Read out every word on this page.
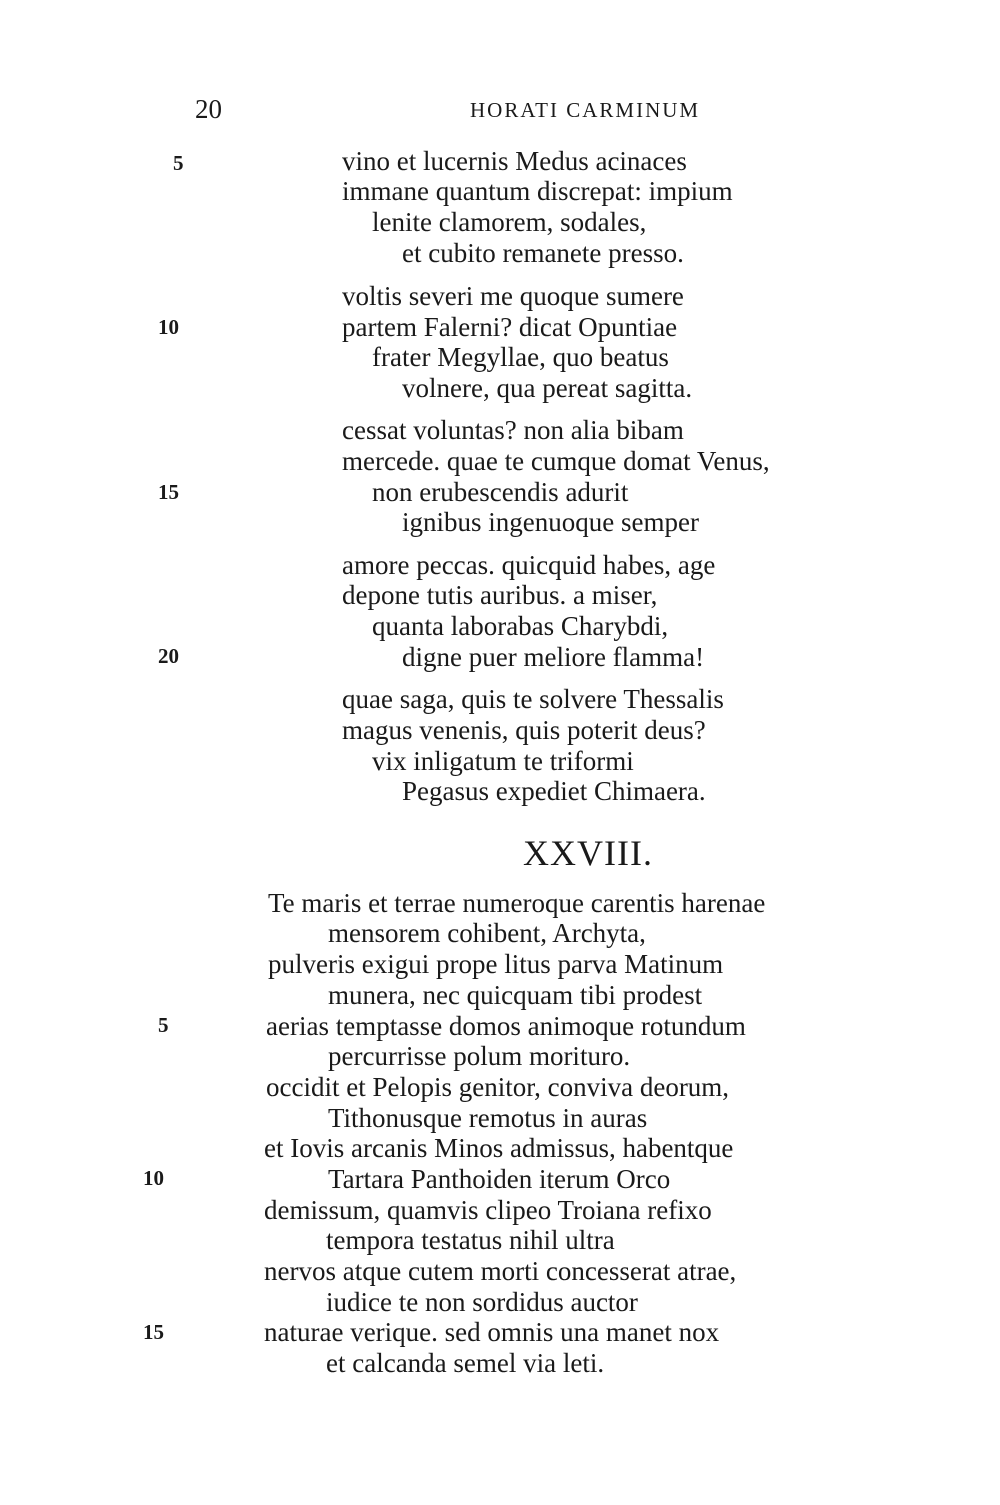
20	HORATI CARMINUM
5
10
15
20
vino et lucernis Medus acinaces
immane quantum discrepat: impium
lenite clamorem, sodales,
et cubito remanete presso.
voltis severi me quoque sumere
partem Falerni? dicat Opuntiae
frater Megyllae, quo beatus
volnere, qua pereat sagitta.
cessat voluntas? non alia bibam
mercede. quae te cumque domat Venus,
non erubescendis adurit
ignibus ingenuoque semper
amore peccas. quicquid habes, age
depone tutis auribus. a miser,
quanta laborabas Charybdi,
digne puer meliore flamma!
quae saga, quis te solvere Thessalis
magus venenis, quis poterit deus?
vix inligatum te triformi
Pegasus expediet Chimaera.
XXVIII.
5
10
15
Te maris et terrae numeroque carentis harenae
mensorem cohibent, Archyta,
pulveris exigui prope litus parva Matinum
munera, nec quicquam tibi prodest
aerias temptasse domos animoque rotundum
percurrisse polum morituro.
occidit et Pelopis genitor, conviva deorum,
Tithonusque remotus in auras
et Iovis arcanis Minos admissus, habentque
Tartara Panthoiden iterum Orco
demissum, quamvis clipeo Troiana refixo
tempora testatus nihil ultra
nervos atque cutem morti concesserat atrae,
iudice te non sordidus auctor
naturae verique. sed omnis una manet nox
et calcanda semel via leti.
